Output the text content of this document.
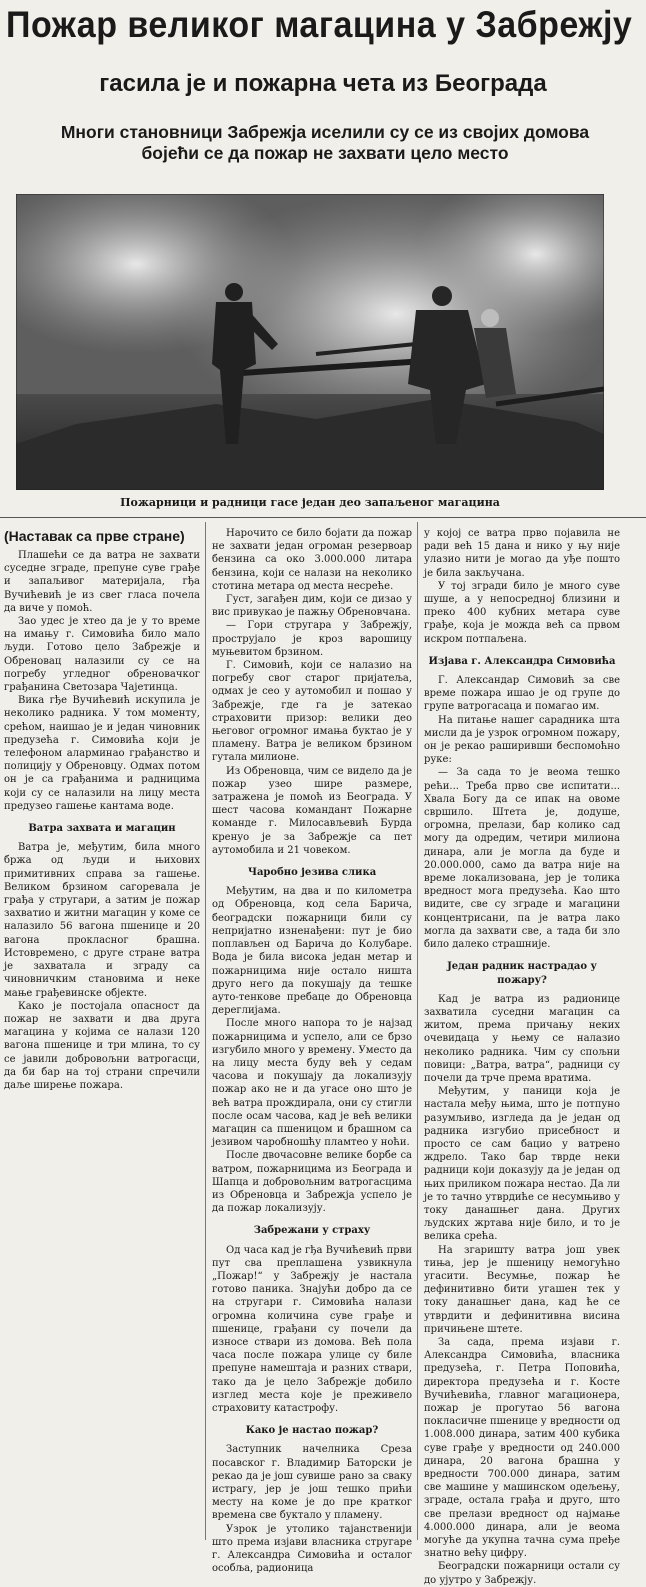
Пожар великог магацина у Забрежју
гасила је и пожарна чета из Београда
Многи становници Забрежја иселили су се из својих домова бојећи се да пожар не захвати цело место
Пожарници и радници гасе један део запаљеног магацина

(Наставак са прве стране)

Плашећи се да ватра не захвати суседне зграде, препуне суве грађе и запаљивог материјала, гђа Вучићевић је из свег гласа почела да виче у помоћ.

Зао удес је хтео да је у то време на имању г. Симовића било мало људи. Готово цело Забрежје и Обреновац налазили су се на погребу угледног обреновачког грађанина Светозара Чајетинца.

Вика гђе Вучићевић искупила је неколико радника. У том моменту, срећом, наишао је и један чиновник предузећа г. Симовића који је телефоном аларминао грађанство и полицију у Обреновцу. Одмах потом он је са грађанима и радницима који су се налазили на лицу места предузео гашење кантама воде.

Ватра захвата и магацин

Ватра је, међутим, била много бржа од људи и њихових примитивних справа за гашење. Великом брзином сагоревала је грађа у стругари, а затим је пожар захватио и житни магацин у коме се налазило 56 вагона пшенице и 20 вагона прокласног брашна. Истовремено, с друге стране ватра је захватала и зграду са чиновничким становима и неке мање грађевинске објекте.

Како је постојала опасност да пожар не захвати и два друга магацина у којима се налази 120 вагона пшенице и три млина, то су се јавили добровољни ватрогасци, да би бар на тој страни спречили даље ширење пожара.

Нарочито се било бојати да пожар не захвати један огроман резервоар бензина са око 3.000.000 литара бензина, који се налази на неколико стотина метара од места несреће.

Густ, загађен дим, који се дизао у вис привукао је пажњу Обреновчана.

— Гори стругара у Забрежју, прострујало је кроз варошицу муњевитом брзином.

Г. Симовић, који се налазио на погребу свог старог пријатеља, одмах је сео у аутомобил и пошао у Забрежје, где га је затекао страховити призор: велики део његовог огромног имања буктао је у пламену. Ватра је великом брзином гутала милионе.

Из Обреновца, чим се видело да је пожар узео шире размере, затражена је помоћ из Београда. У шест часова командант Пожарне команде г. Милосављевић Бурда кренуо је за Забрежје са пет аутомобила и 21 човеком.

Чаробно језива слика

Међутим, на два и по километра од Обреновца, код села Барича, београдски пожарници били су непријатно изненађени: пут је био поплављен од Барича до Колубаре. Вода је била висока један метар и пожарницима није остало ништа друго него да покушају да тешке ауто-тенкове пребаце до Обреновца дереглијама.

После много напора то је најзад пожарницима и успело, али се брзо изгубило много у времену. Уместо да на лицу места буду већ у седам часова и покушају да локализују пожар ако не и да угасе оно што је већ ватра прождирала, они су стигли после осам часова, кад је већ велики магацин са пшеницом и брашном са језивом чаробношћу пламтео у ноћи.

После двочасовне велике борбе са ватром, пожарницима из Београда и Шапца и добровољним ватрогасцима из Обреновца и Забрежја успело је да пожар локализују.

Забрежани у страху

Од часа кад је гђа Вучићевић први пут сва преплашена узвикнула „Пожар!“ у Забрежју је настала готово паника. Знајући добро да се на стругари г. Симовића налази огромна количина суве грађе и пшенице, грађани су почели да износе ствари из домова. Већ пола часа после пожара улице су биле препуне намештаја и разних ствари, тако да је цело Забрежје добило изглед места које је преживело страховиту катастрофу.

Како је настао пожар?

Заступник начелника Среза посавског г. Владимир Баторски је рекао да је још сувише рано за сваку истрагу, јер је још тешко прићи месту на коме је до пре кратког времена све буктало у пламену.

Узрок је утолико тајанственији што према изјави власника стругаре г. Александра Симовића и осталог особља, радионица

у којој се ватра прво појавила не ради већ 15 дана и нико у њу није улазио нити је могао да уђе пошто је била закључана.

У тој згради било је много суве шуше, а у непосредној близини и преко 400 кубних метара суве грађе, која је можда већ са првом искром потпаљена.

Изјава г. Александра Симовића

Г. Александар Симовић за све време пожара ишао је од групе до групе ватрогасаца и помагао им.

На питање нашег сарадника шта мисли да је узрок огромном пожару, он је рекао раширивши беспомоћно руке:

— За сада то је веома тешко рећи... Треба прво све испитати... Хвала Богу да се ипак на овоме свршило. Штета је, додуше, огромна, прелази, бар колико сад могу да одредим, четири милиона динара, али је могла да буде и 20.000.000, само да ватра није на време локализована, јер је толика вредност мога предузећа. Као што видите, све су зграде и магацини концентрисани, па је ватра лако могла да захвати све, а тада би зло било далеко страшније.

Један радник настрадао у пожару?

Кад је ватра из радионице захватила суседни магацин са житом, према причању неких очевидаца у њему се налазио неколико радника. Чим су спољни повици: „Ватра, ватра“, радници су почели да трче према вратима.

Међутим, у паници која је настала међу њима, што је потпуно разумљиво, изгледа да је један од радника изгубио присебност и просто се сам бацио у ватрено ждрело. Тако бар тврде неки радници који доказују да је један од њих приликом пожара нестао. Да ли је то тачно утврдиће се несумњиво у току данашњег дана. Других људских жртава није било, и то је велика срећа.

На згаришту ватра још увек тиња, јер је пшеницу немогућно угасити. Весумње, пожар ће дефинитивно бити угашен тек у току данашњег дана, кад ће се утврдити и дефинитивна висина причињене штете.

За сада, према изјави г. Александра Симовића, власника предузећа, г. Петра Поповића, директора предузећа и г. Косте Вучићевића, главног магационера, пожар је прогутао 56 вагона покласичне пшенице у вредности од 1.008.000 динара, затим 400 кубика суве грађе у вредности од 240.000 динара, 20 вагона брашна у вредности 700.000 динара, затим све машине у машинском одељењу, зграде, остала грађа и друго, што све прелази вредност од најмање 4.000.000 динара, али је веома могуће да укупна тачна сума пређе знатно већу цифру.

Београдски пожарници остали су до ујутро у Забрежју.
